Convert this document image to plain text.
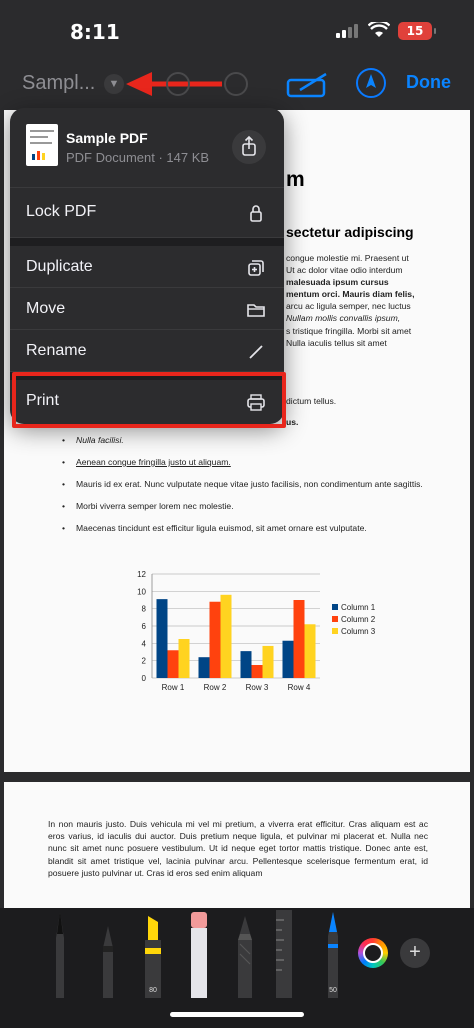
8:11	15
Sampl...	▼	Done
m
sectetur adipiscing
congue molestie mi. Praesent ut
Ut ac dolor vitae odio interdum
malesuada ipsum cursus
mentum orci. Mauris diam felis,
arcu ac ligula semper, nec luctus
Nullam mollis convallis ipsum,
s tristique fringilla. Morbi sit amet
Nulla iaculis tellus sit amet
dictum tellus.
us.
• Nulla facilisi.
• Aenean congue fringilla justo ut aliquam.
• Mauris id ex erat. Nunc vulputate neque vitae justo facilisis, non condimentum ante sagittis.
• Morbi viverra semper lorem nec molestie.
• Maecenas tincidunt est efficitur ligula euismod, sit amet ornare est vulputate.
0
2
4
6
8
10
12
Row 1 Row 2 Row 3 Row 4
Column 1
Column 2
Column 3
In non mauris justo. Duis vehicula mi vel mi pretium, a viverra erat efficitur. Cras aliquam est ac eros varius, id iaculis dui auctor. Duis pretium neque ligula, et pulvinar mi placerat et. Nulla nec nunc sit amet nunc posuere vestibulum. Ut id neque eget tortor mattis tristique. Donec ante est, blandit sit amet tristique vel, lacinia pulvinar arcu. Pellentesque scelerisque fermentum erat, id posuere justo pulvinar ut. Cras id eros sed enim aliquam
Sample PDF
PDF Document · 147 KB
Lock PDF
Duplicate
Move
Rename
Print
80	50
+
